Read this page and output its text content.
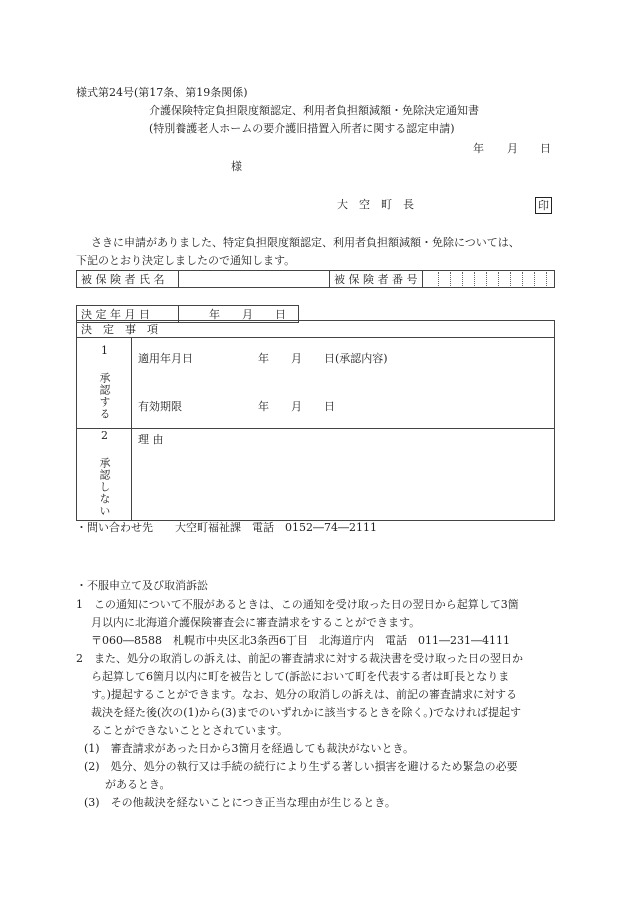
様式第24号(第17条、第19条関係)
介護保険特定負担限度額認定、利用者負担額減額・免除決定通知書
(特別養護老人ホームの要介護旧措置入所者に関する認定申請)
年 月 日
様
大　空　町　長	印
さきに申請がありました、特定負担限度額認定、利用者負担額減額・免除については、
下記のとおり決定しましたので通知します。
被 保 険 者 氏 名		被 保 険 者 番 号	
決 定 年 月 日	年　　月　　日
決　定　事　項	
1 承認する	適用年月日 年　　月　　日(承認内容)
有効期限 年　　月　　日

2 承認しない	理 由
・問い合わせ先　　大空町福祉課　電話　0152―74―2111
・不服申立て及び取消訴訟
1　この通知について不服があるときは、この通知を受け取った日の翌日から起算して3箇
月以内に北海道介護保険審査会に審査請求をすることができます。
〒060―8588　札幌市中央区北3条西6丁目　北海道庁内　電話　011―231―4111
2　また、処分の取消しの訴えは、前記の審査請求に対する裁決書を受け取った日の翌日か
ら起算して6箇月以内に町を被告として(訴訟において町を代表する者は町長となりま
す。)提起することができます。なお、処分の取消しの訴えは、前記の審査請求に対する
裁決を経た後(次の(1)から(3)までのいずれかに該当するときを除く。)でなければ提起す
ることができないこととされています。
(1)　審査請求があった日から3箇月を経過しても裁決がないとき。
(2)　処分、処分の執行又は手続の続行により生ずる著しい損害を避けるため緊急の必要
があるとき。
(3)　その他裁決を経ないことにつき正当な理由が生じるとき。
